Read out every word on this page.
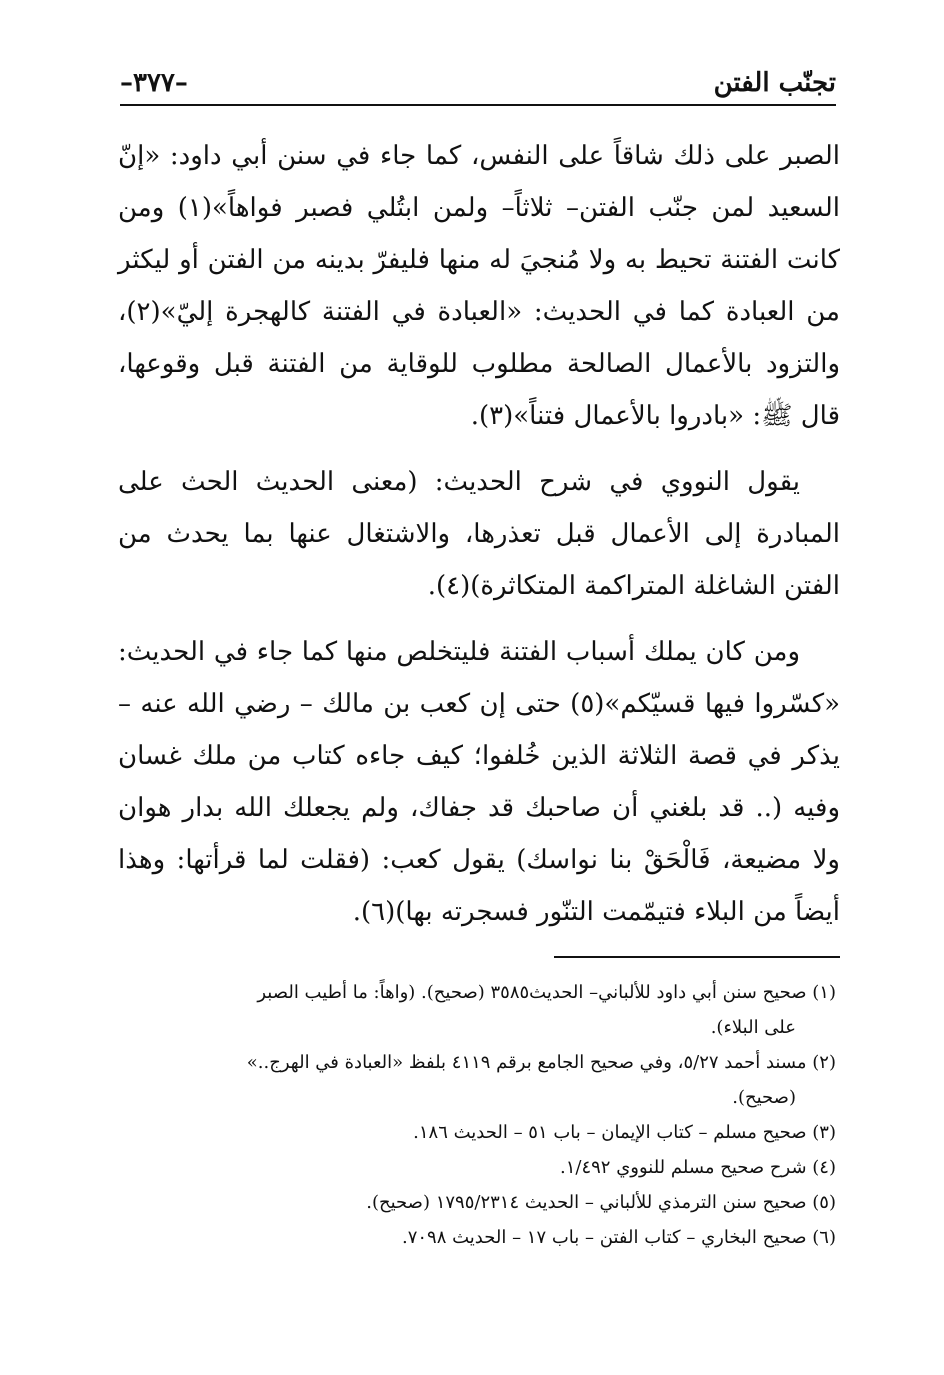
تجنّب الفتن
–٣٧٧–

الصبر على ذلك شاقاً على النفس، كما جاء في سنن أبي داود: «إنّ السعيد لمن جنّب الفتن– ثلاثاً– ولمن ابتُلي فصبر فواهاً»(١) ومن كانت الفتنة تحيط به ولا مُنجيَ له منها فليفرّ بدينه من الفتن أو ليكثر من العبادة كما في الحديث: «العبادة في الفتنة كالهجرة إليّ»(٢)، والتزود بالأعمال الصالحة مطلوب للوقاية من الفتنة قبل وقوعها، قال ﷺ: «بادروا بالأعمال فتناً»(٣).

يقول النووي في شرح الحديث: (معنى الحديث الحث على المبادرة إلى الأعمال قبل تعذرها، والاشتغال عنها بما يحدث من الفتن الشاغلة المتراكمة المتكاثرة)(٤).

ومن كان يملك أسباب الفتنة فليتخلص منها كما جاء في الحديث: «كسّروا فيها قسيّكم»(٥) حتى إن كعب بن مالك – رضي الله عنه – يذكر في قصة الثلاثة الذين خُلفوا؛ كيف جاءه كتاب من ملك غسان وفيه (.. قد بلغني أن صاحبك قد جفاك، ولم يجعلك الله بدار هوان ولا مضيعة، فَالْحَقْ بنا نواسك) يقول كعب: (فقلت لما قرأتها: وهذا أيضاً من البلاء فتيمّمت التنّور فسجرته بها)(٦).

(١) صحيح سنن أبي داود للألباني– الحديث٣٥٨٥ (صحيح). (واهاً: ما أطيب الصبر
على البلاء).
(٢) مسند أحمد ٥/٢٧، وفي صحيح الجامع برقم ٤١١٩ بلفظ «العبادة في الهرج..»
(صحيح).
(٣) صحيح مسلم – كتاب الإيمان – باب ٥١ – الحديث ١٨٦.
(٤) شرح صحيح مسلم للنووي ١/٤٩٢.
(٥) صحيح سنن الترمذي للألباني – الحديث ١٧٩٥/٢٣١٤ (صحيح).
(٦) صحيح البخاري – كتاب الفتن – باب ١٧ – الحديث ٧٠٩٨.
